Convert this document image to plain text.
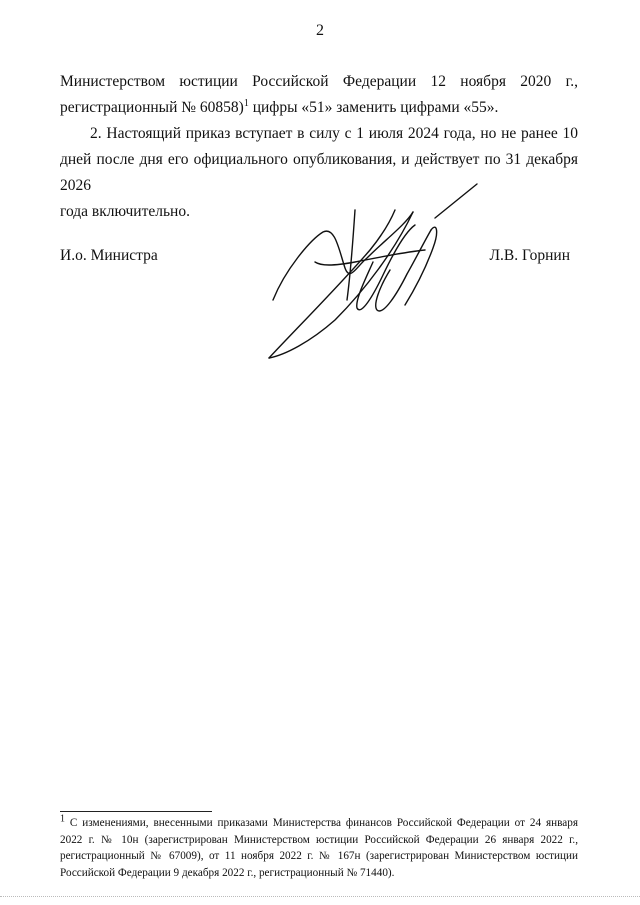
2
Министерством юстиции Российской Федерации 12 ноября 2020 г.,
регистрационный № 60858)$^1$ цифры «51» заменить цифрами «55».
2. Настоящий приказ вступает в силу с 1 июля 2024 года, но не ранее 10
дней после дня его официального опубликования, и действует по 31 декабря 2026
года включительно.
И.о. Министра	Л.В. Горнин
$^1$ С изменениями, внесенными приказами Министерства финансов Российской Федерации от 24 января
2022 г. № 10н (зарегистрирован Министерством юстиции Российской Федерации 26 января 2022 г.,
регистрационный № 67009), от 11 ноября 2022 г. № 167н (зарегистрирован Министерством юстиции
Российской Федерации 9 декабря 2022 г., регистрационный № 71440).
